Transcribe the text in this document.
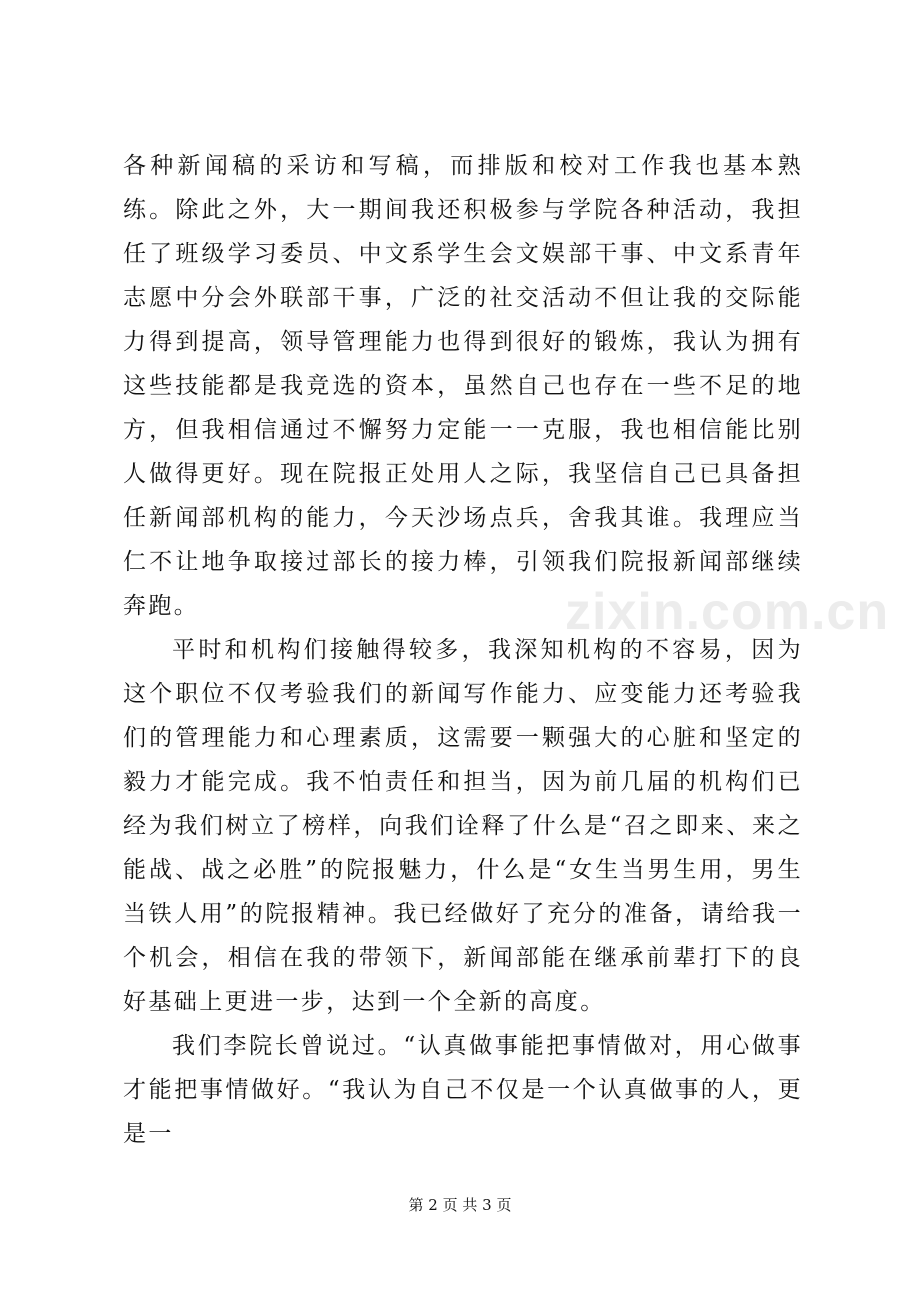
各种新闻稿的采访和写稿，而排版和校对工作我也基本熟练。除此之外，大一期间我还积极参与学院各种活动，我担任了班级学习委员、中文系学生会文娱部干事、中文系青年志愿中分会外联部干事，广泛的社交活动不但让我的交际能力得到提高，领导管理能力也得到很好的锻炼，我认为拥有这些技能都是我竞选的资本，虽然自己也存在一些不足的地方，但我相信通过不懈努力定能一一克服，我也相信能比别人做得更好。现在院报正处用人之际，我坚信自己已具备担任新闻部机构的能力，今天沙场点兵，舍我其谁。我理应当仁不让地争取接过部长的接力棒，引领我们院报新闻部继续奔跑。

平时和机构们接触得较多，我深知机构的不容易，因为这个职位不仅考验我们的新闻写作能力、应变能力还考验我们的管理能力和心理素质，这需要一颗强大的心脏和坚定的毅力才能完成。我不怕责任和担当，因为前几届的机构们已经为我们树立了榜样，向我们诠释了什么是“召之即来、来之能战、战之必胜”的院报魅力，什么是“女生当男生用，男生当铁人用”的院报精神。我已经做好了充分的准备，请给我一个机会，相信在我的带领下，新闻部能在继承前辈打下的良好基础上更进一步，达到一个全新的高度。

我们李院长曾说过。“认真做事能把事情做对，用心做事才能把事情做好。“我认为自己不仅是一个认真做事的人，更是一

zixin.com.cn
第 2 页 共 3 页
